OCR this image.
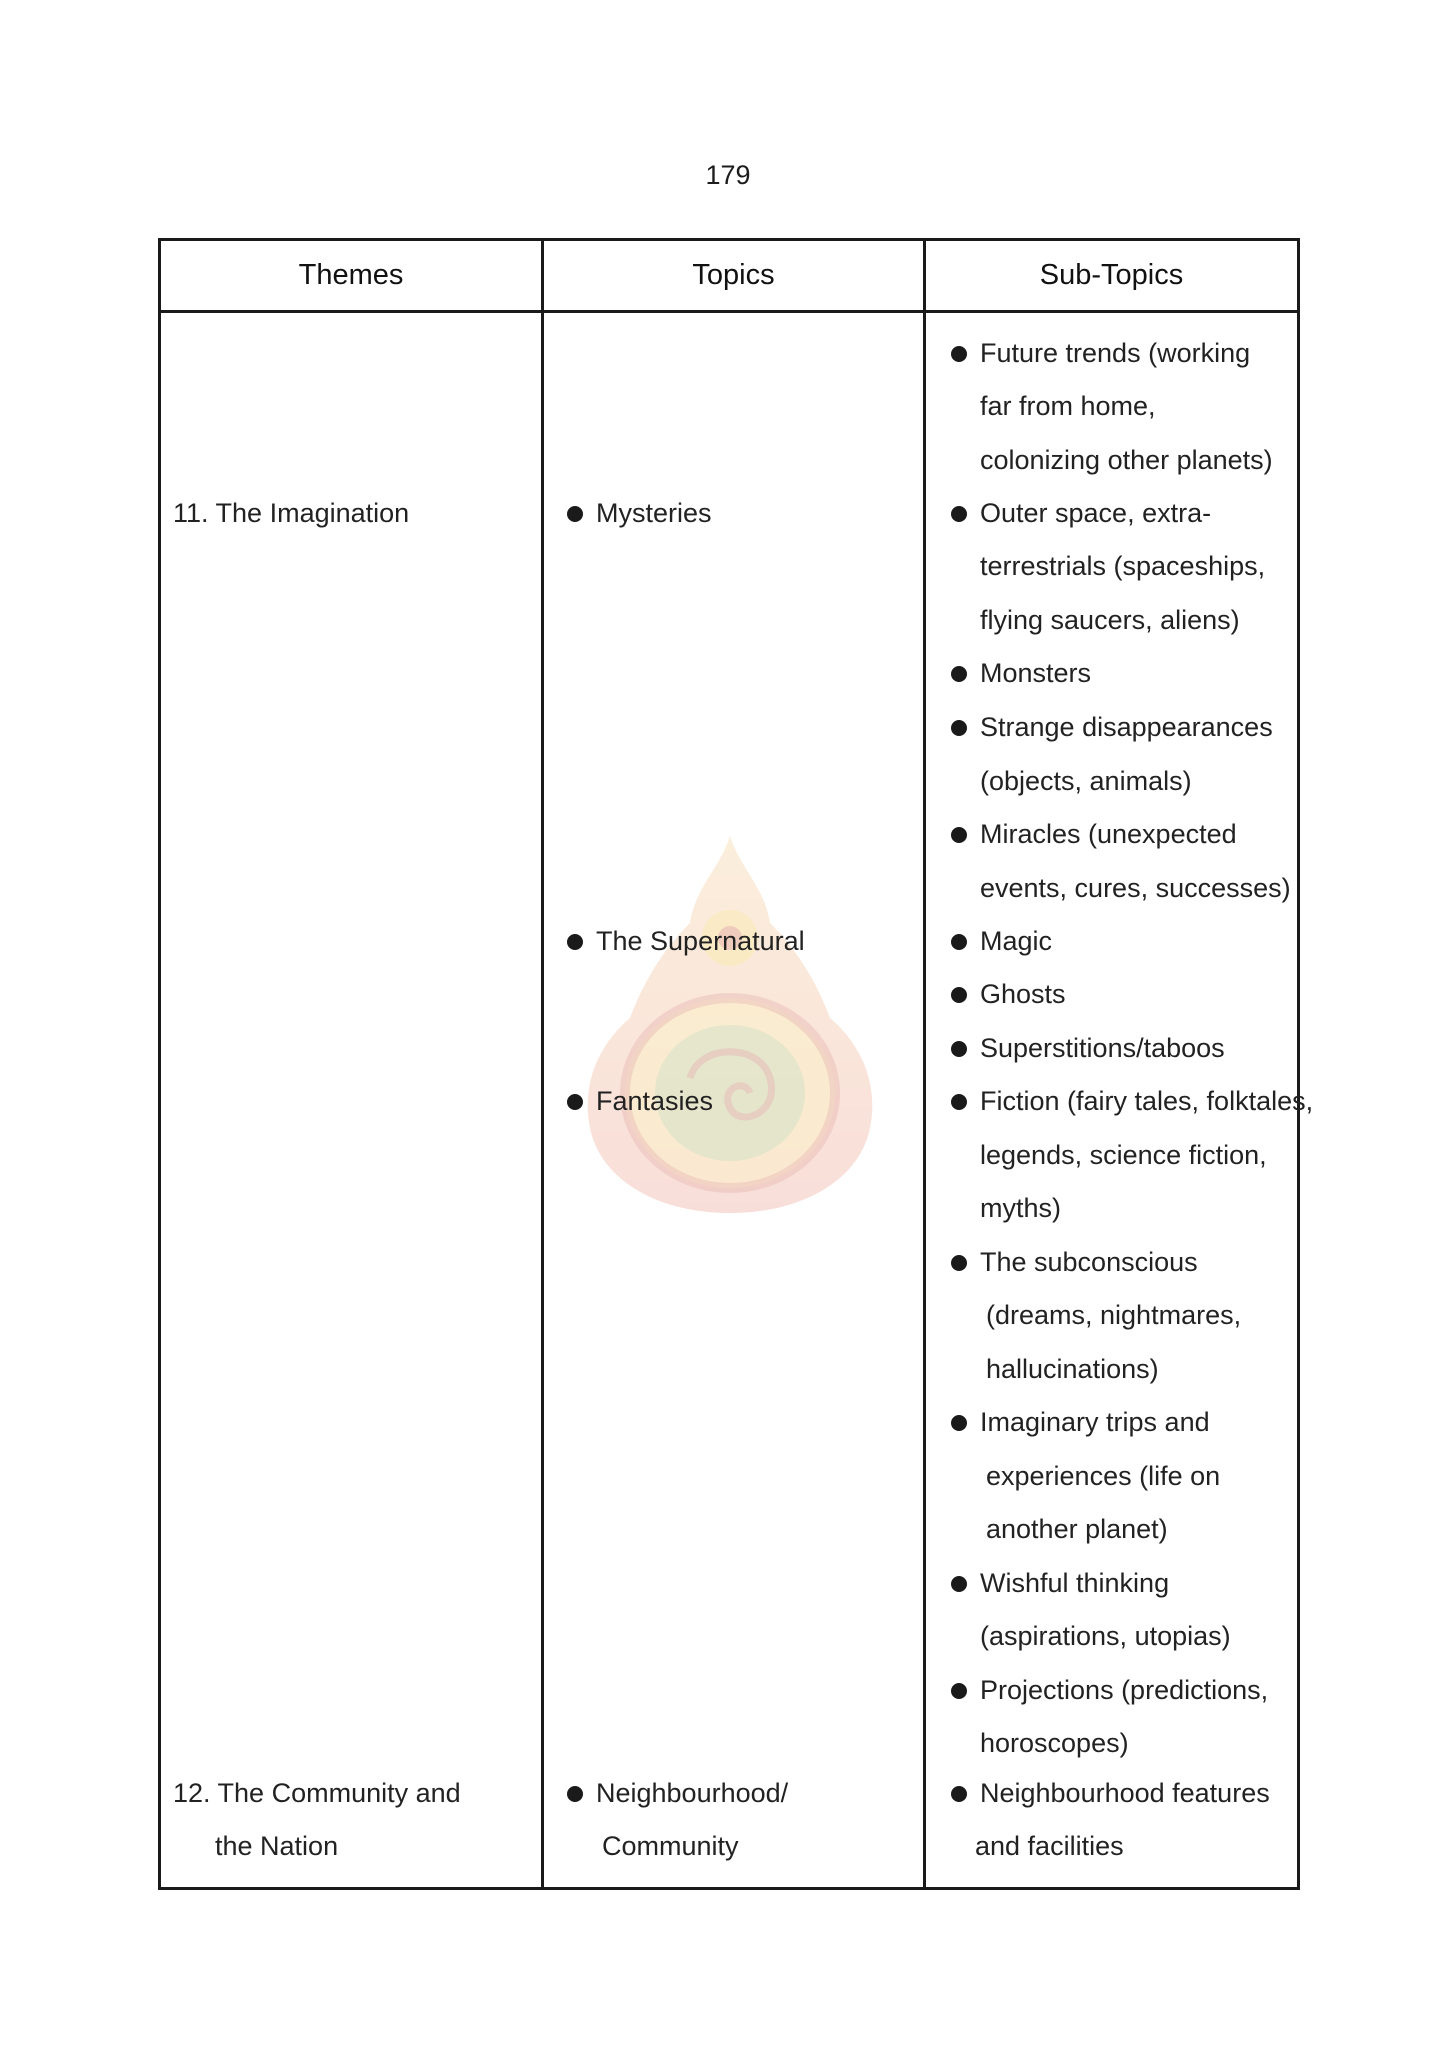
179
Themes	Topics	Sub-Topics
11. The Imagination
12. The Community and
the Nation
Mysteries
The Supernatural
Fantasies
Neighbourhood/
Community
Future trends (working
far from home,
colonizing other planets)
Outer space, extra-
terrestrials (spaceships,
flying saucers, aliens)
Monsters
Strange disappearances
(objects, animals)
Miracles (unexpected
events, cures, successes)
Magic
Ghosts
Superstitions/taboos
Fiction (fairy tales, folktales,
legends, science fiction,
myths)
The subconscious
(dreams, nightmares,
hallucinations)
Imaginary trips and
experiences (life on
another planet)
Wishful thinking
(aspirations, utopias)
Projections (predictions,
horoscopes)
Neighbourhood features
and facilities
